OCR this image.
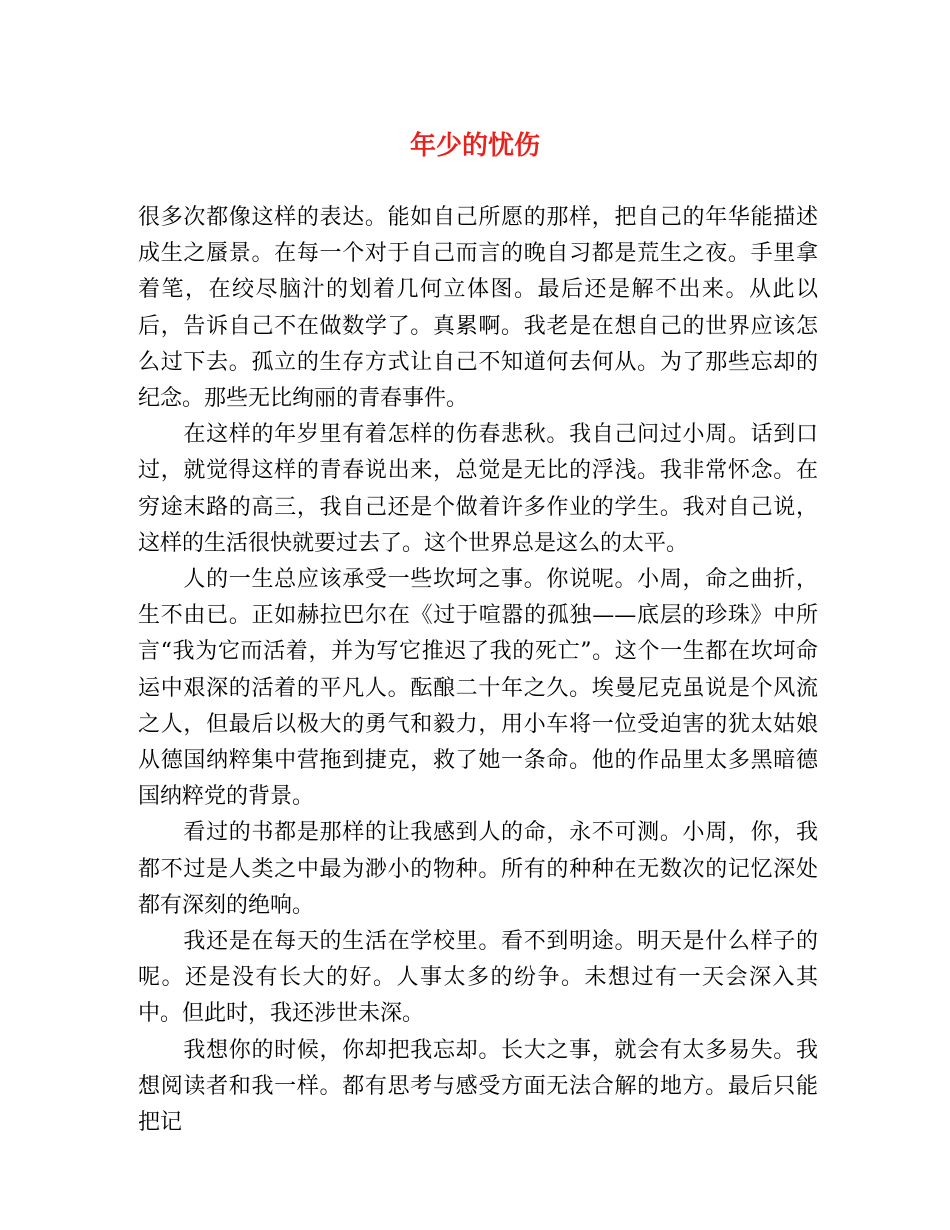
年少的忧伤

很多次都像这样的表达。能如自己所愿的那样，把自己的年华能描述成生之蜃景。在每一个对于自己而言的晚自习都是荒生之夜。手里拿着笔，在绞尽脑汁的划着几何立体图。最后还是解不出来。从此以后，告诉自己不在做数学了。真累啊。我老是在想自己的世界应该怎么过下去。孤立的生存方式让自己不知道何去何从。为了那些忘却的纪念。那些无比绚丽的青春事件。

　　在这样的年岁里有着怎样的伤春悲秋。我自己问过小周。话到口过，就觉得这样的青春说出来，总觉是无比的浮浅。我非常怀念。在穷途末路的高三，我自己还是个做着许多作业的学生。我对自己说，这样的生活很快就要过去了。这个世界总是这么的太平。

　　人的一生总应该承受一些坎坷之事。你说呢。小周，命之曲折，生不由已。正如赫拉巴尔在《过于喧嚣的孤独——底层的珍珠》中所言“我为它而活着，并为写它推迟了我的死亡”。这个一生都在坎坷命运中艰深的活着的平凡人。酝酿二十年之久。埃曼尼克虽说是个风流之人，但最后以极大的勇气和毅力，用小车将一位受迫害的犹太姑娘从德国纳粹集中营拖到捷克，救了她一条命。他的作品里太多黑暗德国纳粹党的背景。

　　看过的书都是那样的让我感到人的命，永不可测。小周，你，我都不过是人类之中最为渺小的物种。所有的种种在无数次的记忆深处都有深刻的绝响。

　　我还是在每天的生活在学校里。看不到明途。明天是什么样子的呢。还是没有长大的好。人事太多的纷争。未想过有一天会深入其中。但此时，我还涉世未深。

　　我想你的时候，你却把我忘却。长大之事，就会有太多易失。我想阅读者和我一样。都有思考与感受方面无法合解的地方。最后只能把记
